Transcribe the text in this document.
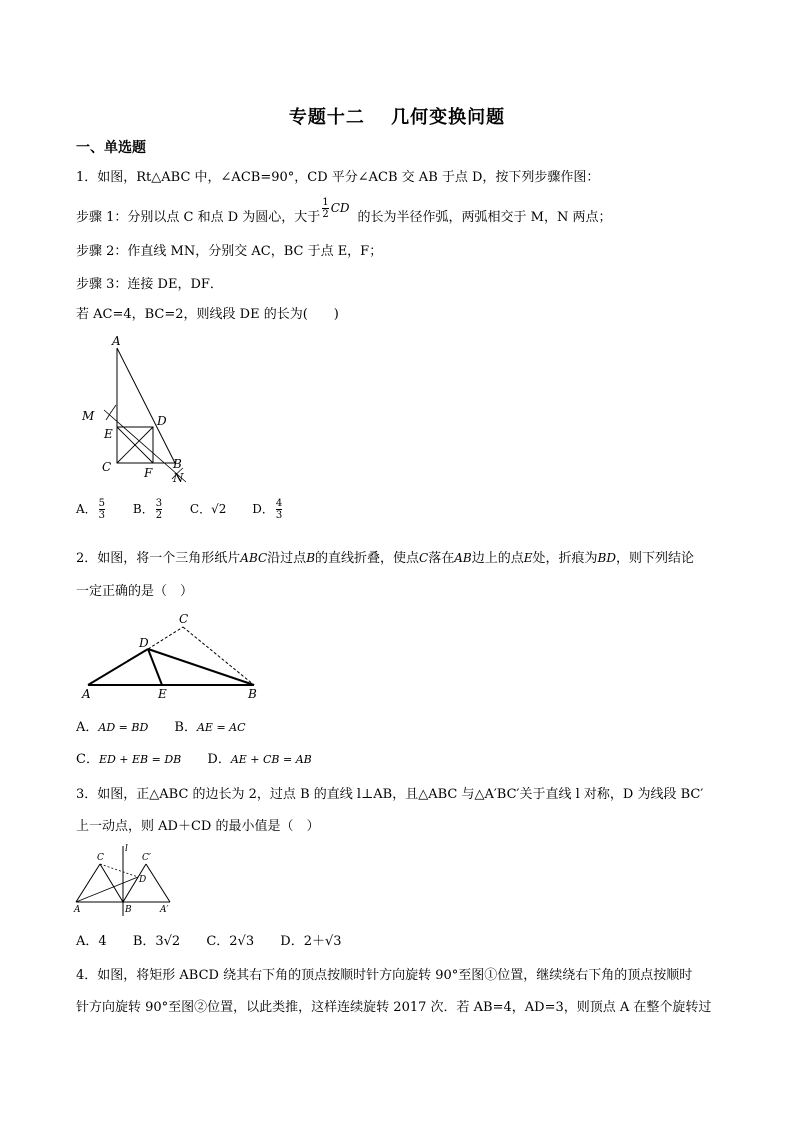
专题十二　 几何变换问题
一、单选题
1．如图，Rt△ABC 中，∠ACB=90°，CD 平分∠ACB 交 AB 于点 D，按下列步骤作图：
步骤 1：分别以点 C 和点 D 为圆心，大于 $\frac{1}{2}$ CD的长为半径作弧，两弧相交于 M，N 两点；
步骤 2：作直线 MN，分别交 AC，BC 于点 E，F；
步骤 3：连接 DE，DF．
若 AC=4，BC=2，则线段 DE 的长为(　　)
A
M
E
D
C	F
B
N
A． $\frac{5}{3}$ B． $\frac{3}{2}$ C．√2 D． $\frac{4}{3}$
2．如图，将一个三角形纸片ABC沿过点B的直线折叠，使点C落在AB边上的点E处，折痕为BD，则下列结论
一定正确的是（　）
C
D
A	E	B
A．AD = BD B．AE = AC
C．ED + EB = DB D．AE + CB = AB
3．如图，正△ABC 的边长为 2，过点 B 的直线 l⊥AB，且△ABC 与△A′BC′关于直线 l 对称，D 为线段 BC′
上一动点，则 AD＋CD 的最小值是（　）
C
l
C′
D
A	B	A′
A．4 B．3√2 C．2√3 D．2＋√3
4．如图，将矩形 ABCD 绕其右下角的顶点按顺时针方向旋转 90°至图①位置，继续绕右下角的顶点按顺时
针方向旋转 90°至图②位置，以此类推，这样连续旋转 2017 次．若 AB=4，AD=3，则顶点 A 在整个旋转过
